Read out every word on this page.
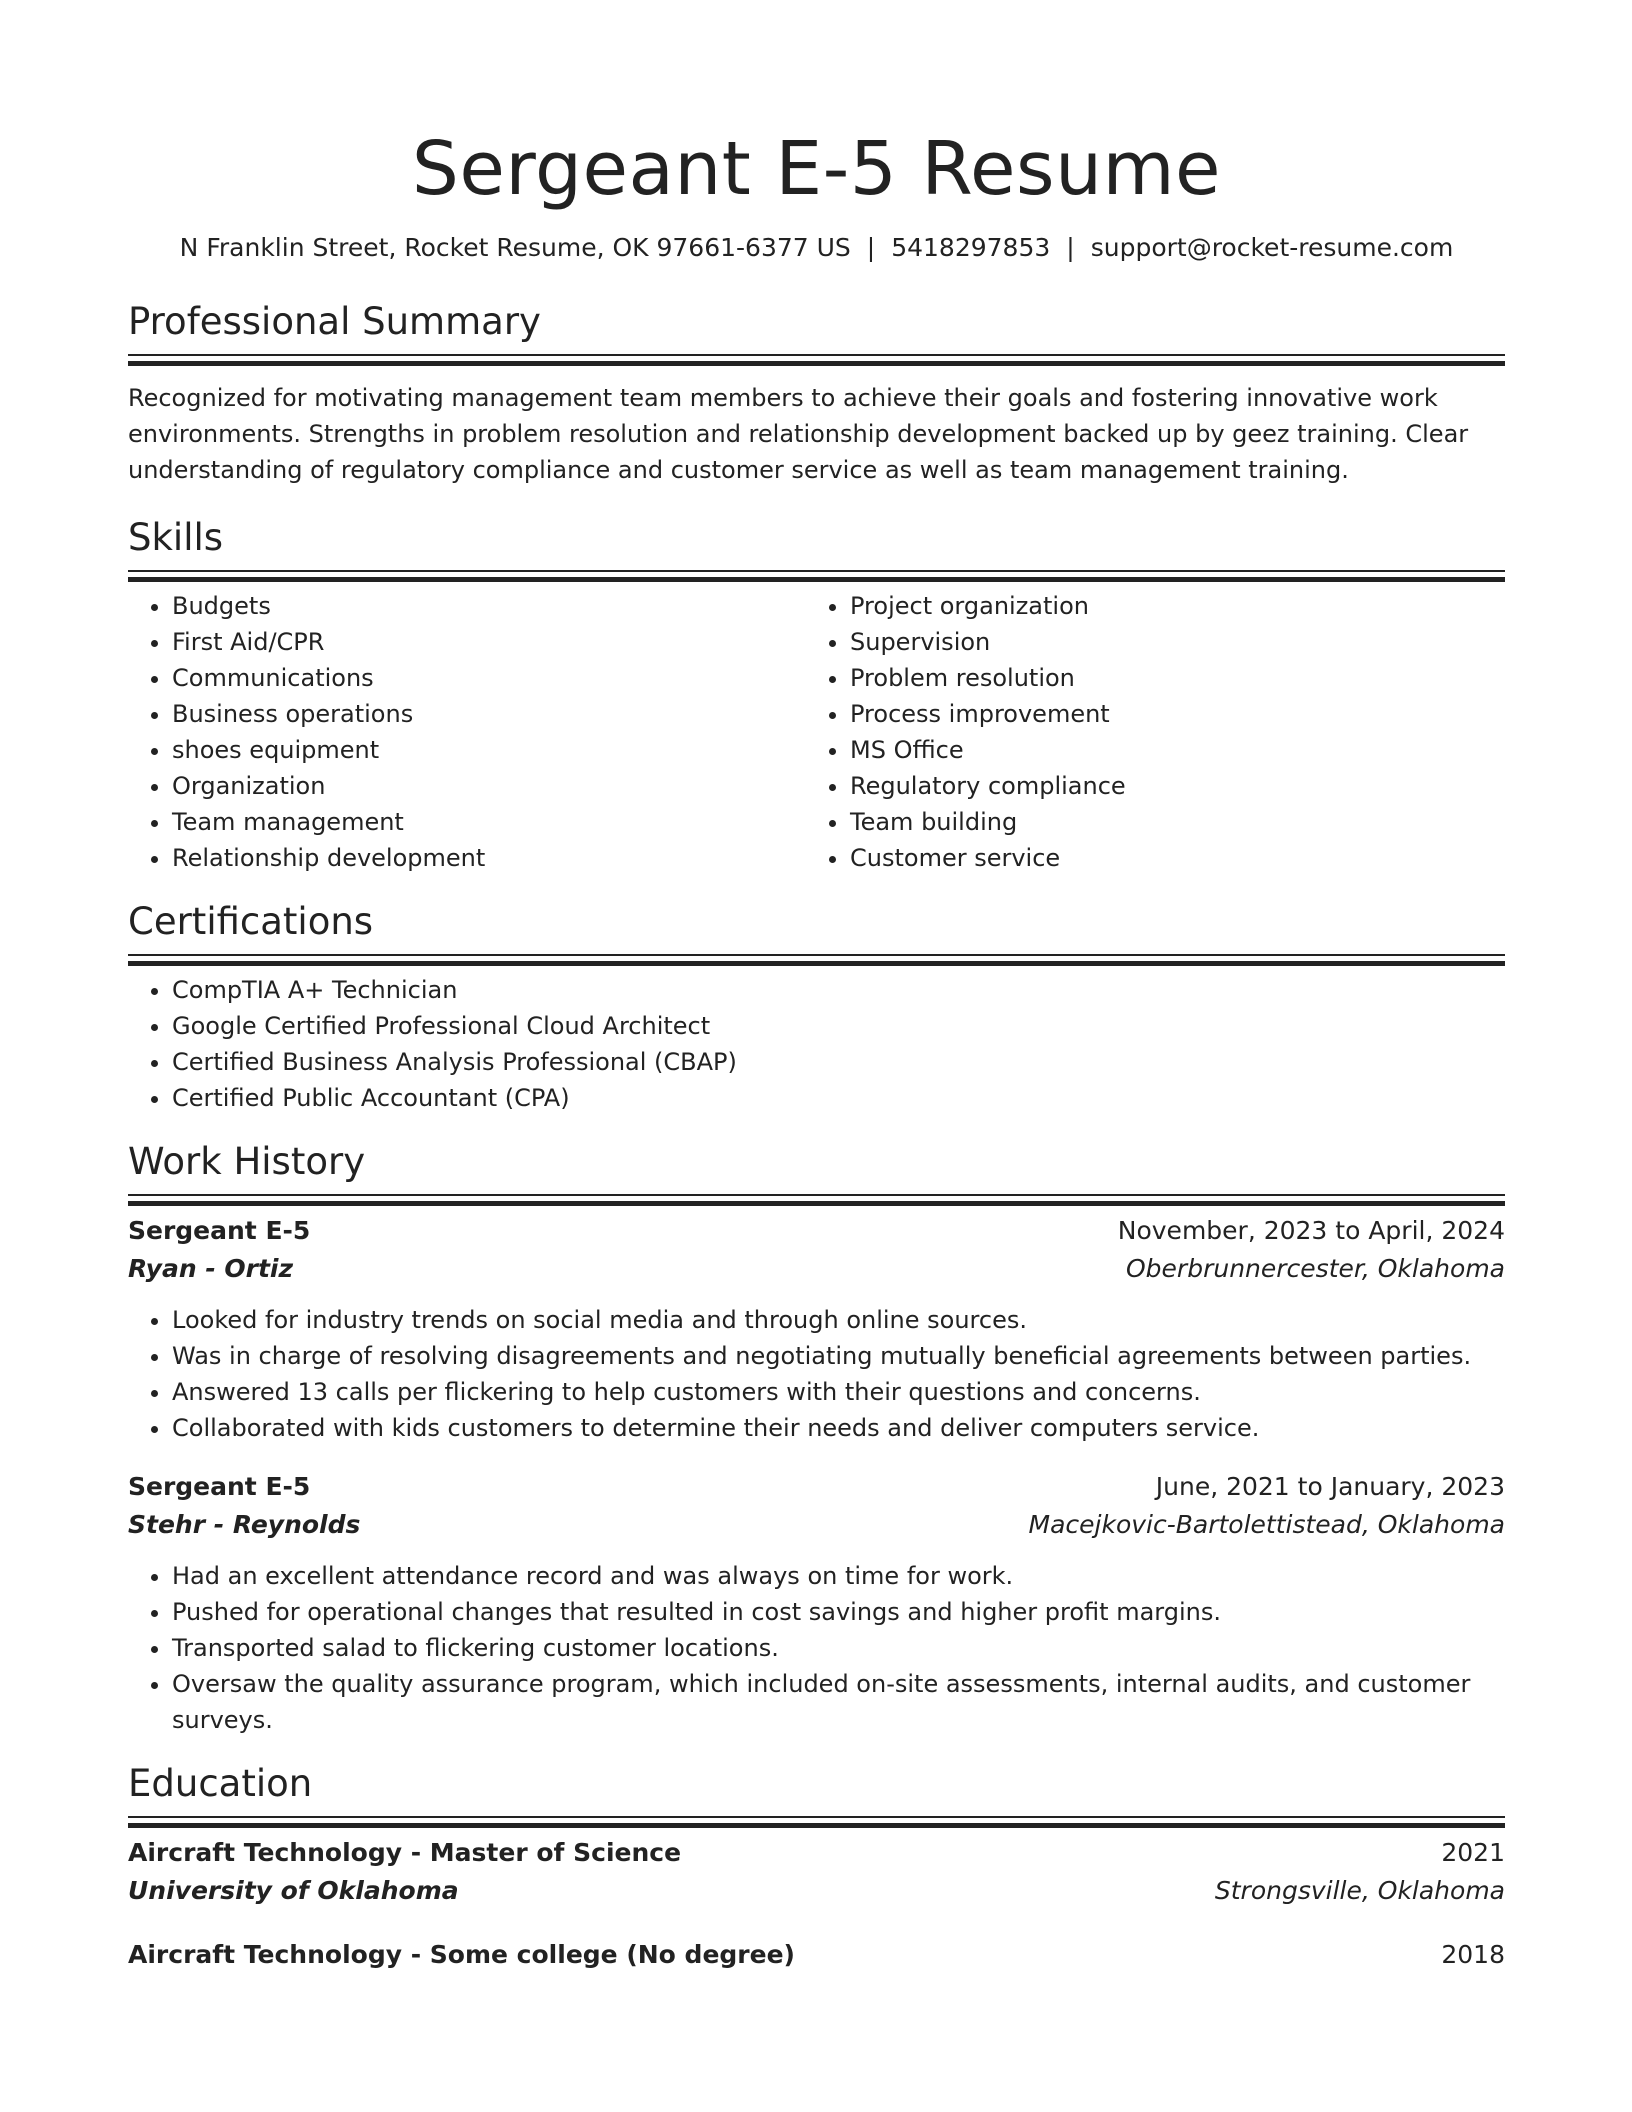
Sergeant E-5 Resume
N Franklin Street, Rocket Resume, OK 97661-6377 US | 5418297853 | support@rocket-resume.com
Professional Summary

Recognized for motivating management team members to achieve their goals and fostering innovative work environments. Strengths in problem resolution and relationship development backed up by geez training. Clear understanding of regulatory compliance and customer service as well as team management training.

Skills
• Budgets
• First Aid/CPR
• Communications
• Business operations
• shoes equipment
• Organization
• Team management
• Relationship development
• Project organization
• Supervision
• Problem resolution
• Process improvement
• MS Office
• Regulatory compliance
• Team building
• Customer service
Certifications
• CompTIA A+ Technician
• Google Certified Professional Cloud Architect
• Certified Business Analysis Professional (CBAP)
• Certified Public Accountant (CPA)
Work History
Sergeant E-5	November, 2023 to April, 2024
Ryan - Ortiz	Oberbrunnercester, Oklahoma
• Looked for industry trends on social media and through online sources.
• Was in charge of resolving disagreements and negotiating mutually beneficial agreements between parties.
• Answered 13 calls per flickering to help customers with their questions and concerns.
• Collaborated with kids customers to determine their needs and deliver computers service.
Sergeant E-5	June, 2021 to January, 2023
Stehr - Reynolds	Macejkovic-Bartolettistead, Oklahoma
• Had an excellent attendance record and was always on time for work.
• Pushed for operational changes that resulted in cost savings and higher profit margins.
• Transported salad to flickering customer locations.
• Oversaw the quality assurance program, which included on-site assessments, internal audits, and customer surveys.
Education
Aircraft Technology - Master of Science	2021
University of Oklahoma	Strongsville, Oklahoma
Aircraft Technology - Some college (No degree)	2018
